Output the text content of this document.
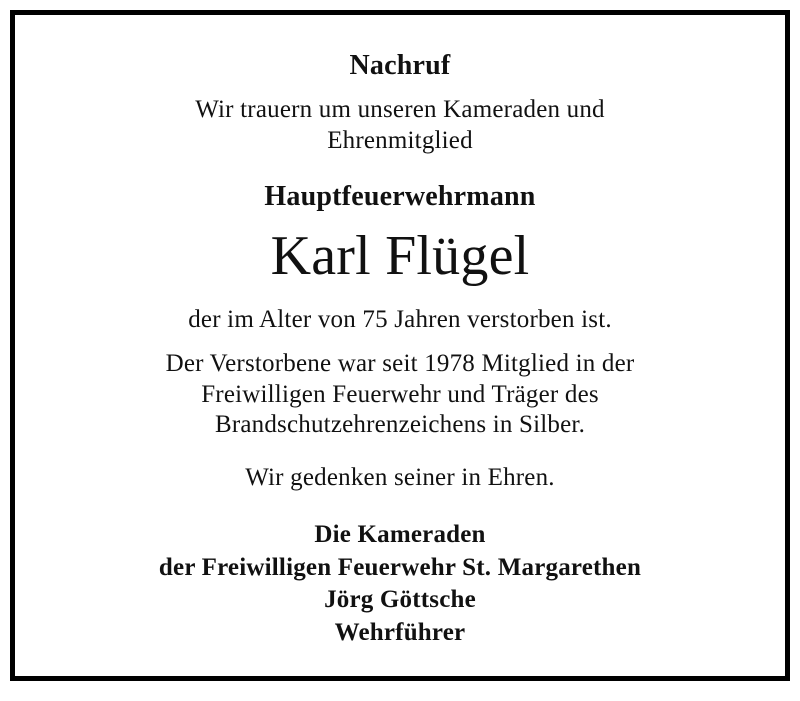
Nachruf
Wir trauern um unseren Kameraden und
Ehrenmitglied
Hauptfeuerwehrmann
Karl Flügel
der im Alter von 75 Jahren verstorben ist.
Der Verstorbene war seit 1978 Mitglied in der
Freiwilligen Feuerwehr und Träger des
Brandschutzehrenzeichens in Silber.
Wir gedenken seiner in Ehren.
Die Kameraden
der Freiwilligen Feuerwehr St. Margarethen
Jörg Göttsche
Wehrführer
